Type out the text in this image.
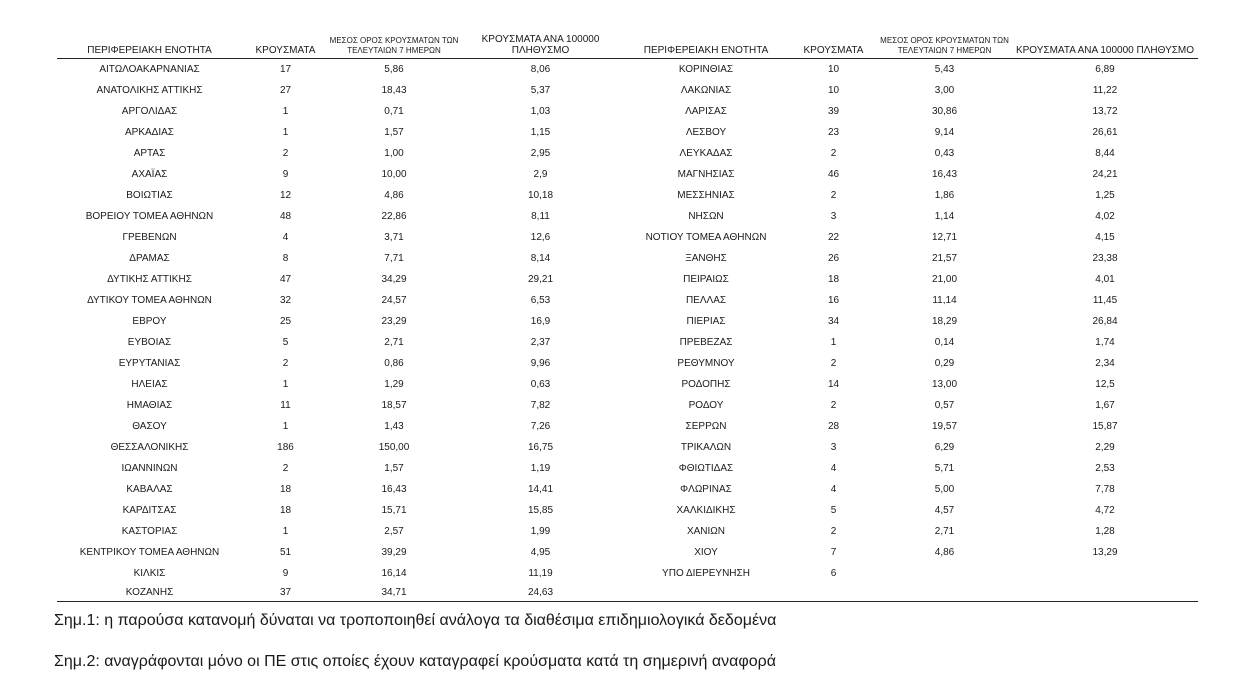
ΠΕΡΙΦΕΡΕΙΑΚΗ ΕΝΟΤΗΤΑ	ΚΡΟΥΣΜΑΤΑ	ΜΕΣΟΣ ΟΡΟΣ ΚΡΟΥΣΜΑΤΩΝ ΤΩΝ ΤΕΛΕΥΤΑΙΩΝ 7 ΗΜΕΡΩΝ	ΚΡΟΥΣΜΑΤΑ ΑΝΑ 100000 ΠΛΗΘΥΣΜΟ	ΠΕΡΙΦΕΡΕΙΑΚΗ ΕΝΟΤΗΤΑ	ΚΡΟΥΣΜΑΤΑ	ΜΕΣΟΣ ΟΡΟΣ ΚΡΟΥΣΜΑΤΩΝ ΤΩΝ ΤΕΛΕΥΤΑΙΩΝ 7 ΗΜΕΡΩΝ	ΚΡΟΥΣΜΑΤΑ ΑΝΑ 100000 ΠΛΗΘΥΣΜΟ
ΑΙΤΩΛΟΑΚΑΡΝΑΝΙΑΣ	17	5,86	8,06	ΚΟΡΙΝΘΙΑΣ	10	5,43	6,89
ΑΝΑΤΟΛΙΚΗΣ ΑΤΤΙΚΗΣ	27	18,43	5,37	ΛΑΚΩΝΙΑΣ	10	3,00	11,22
ΑΡΓΟΛΙΔΑΣ	1	0,71	1,03	ΛΑΡΙΣΑΣ	39	30,86	13,72
ΑΡΚΑΔΙΑΣ	1	1,57	1,15	ΛΕΣΒΟΥ	23	9,14	26,61
ΑΡΤΑΣ	2	1,00	2,95	ΛΕΥΚΑΔΑΣ	2	0,43	8,44
ΑΧΑΪΑΣ	9	10,00	2,9	ΜΑΓΝΗΣΙΑΣ	46	16,43	24,21
ΒΟΙΩΤΙΑΣ	12	4,86	10,18	ΜΕΣΣΗΝΙΑΣ	2	1,86	1,25
ΒΟΡΕΙΟΥ ΤΟΜΕΑ ΑΘΗΝΩΝ	48	22,86	8,11	ΝΗΣΩΝ	3	1,14	4,02
ΓΡΕΒΕΝΩΝ	4	3,71	12,6	ΝΟΤΙΟΥ ΤΟΜΕΑ ΑΘΗΝΩΝ	22	12,71	4,15
ΔΡΑΜΑΣ	8	7,71	8,14	ΞΑΝΘΗΣ	26	21,57	23,38
ΔΥΤΙΚΗΣ ΑΤΤΙΚΗΣ	47	34,29	29,21	ΠΕΙΡΑΙΩΣ	18	21,00	4,01
ΔΥΤΙΚΟΥ ΤΟΜΕΑ ΑΘΗΝΩΝ	32	24,57	6,53	ΠΕΛΛΑΣ	16	11,14	11,45
ΕΒΡΟΥ	25	23,29	16,9	ΠΙΕΡΙΑΣ	34	18,29	26,84
ΕΥΒΟΙΑΣ	5	2,71	2,37	ΠΡΕΒΕΖΑΣ	1	0,14	1,74
ΕΥΡΥΤΑΝΙΑΣ	2	0,86	9,96	ΡΕΘΥΜΝΟΥ	2	0,29	2,34
ΗΛΕΙΑΣ	1	1,29	0,63	ΡΟΔΟΠΗΣ	14	13,00	12,5
ΗΜΑΘΙΑΣ	11	18,57	7,82	ΡΟΔΟΥ	2	0,57	1,67
ΘΑΣΟΥ	1	1,43	7,26	ΣΕΡΡΩΝ	28	19,57	15,87
ΘΕΣΣΑΛΟΝΙΚΗΣ	186	150,00	16,75	ΤΡΙΚΑΛΩΝ	3	6,29	2,29
ΙΩΑΝΝΙΝΩΝ	2	1,57	1,19	ΦΘΙΩΤΙΔΑΣ	4	5,71	2,53
ΚΑΒΑΛΑΣ	18	16,43	14,41	ΦΛΩΡΙΝΑΣ	4	5,00	7,78
ΚΑΡΔΙΤΣΑΣ	18	15,71	15,85	ΧΑΛΚΙΔΙΚΗΣ	5	4,57	4,72
ΚΑΣΤΟΡΙΑΣ	1	2,57	1,99	ΧΑΝΙΩΝ	2	2,71	1,28
ΚΕΝΤΡΙΚΟΥ ΤΟΜΕΑ ΑΘΗΝΩΝ	51	39,29	4,95	ΧΙΟΥ	7	4,86	13,29
ΚΙΛΚΙΣ	9	16,14	11,19	ΥΠΟ ΔΙΕΡΕΥΝΗΣΗ	6		
ΚΟΖΑΝΗΣ	37	34,71	24,63				
Σημ.1: η παρούσα κατανομή δύναται να τροποποιηθεί ανάλογα τα διαθέσιμα επιδημιολογικά δεδομένα
Σημ.2: αναγράφονται μόνο οι ΠΕ στις οποίες έχουν καταγραφεί κρούσματα κατά τη σημερινή αναφορά
